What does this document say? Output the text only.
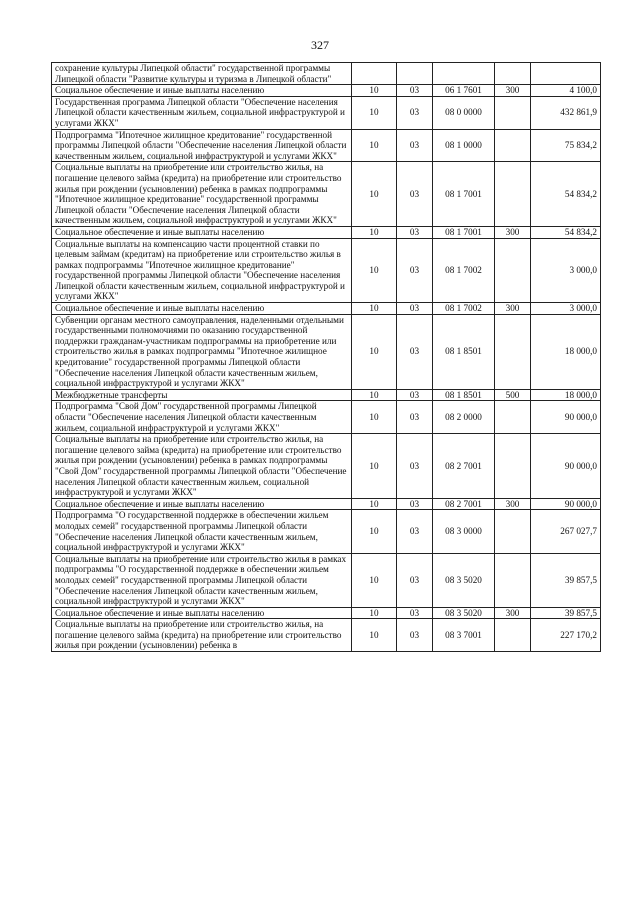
327
сохранение культуры Липецкой области" государственной программы Липецкой области "Развитие культуры и туризма в Липецкой области"					
Социальное обеспечение и иные выплаты населению	10	03	06 1 7601	300	4 100,0
Государственная программа Липецкой области "Обеспечение населения Липецкой области качественным жильем, социальной инфраструктурой и услугами ЖКХ"	10	03	08 0 0000		432 861,9
Подпрограмма "Ипотечное жилищное кредитование" государственной программы Липецкой области "Обеспечение населения Липецкой области качественным жильем, социальной инфраструктурой и услугами ЖКХ"	10	03	08 1 0000		75 834,2
Социальные выплаты на приобретение или строительство жилья, на погашение целевого займа (кредита) на приобретение или строительство жилья при рождении (усыновлении) ребенка в рамках подпрограммы "Ипотечное жилищное кредитование" государственной программы Липецкой области "Обеспечение населения Липецкой области качественным жильем, социальной инфраструктурой и услугами ЖКХ"	10	03	08 1 7001		54 834,2
Социальное обеспечение и иные выплаты населению	10	03	08 1 7001	300	54 834,2
Социальные выплаты на компенсацию части процентной ставки по целевым займам (кредитам) на приобретение или строительство жилья в рамках подпрограммы "Ипотечное жилищное кредитование" государственной программы Липецкой области "Обеспечение населения Липецкой области качественным жильем, социальной инфраструктурой и услугами ЖКХ"	10	03	08 1 7002		3 000,0
Социальное обеспечение и иные выплаты населению	10	03	08 1 7002	300	3 000,0
Субвенции органам местного самоуправления, наделенными отдельными государственными полномочиями по оказанию государственной поддержки гражданам-участникам подпрограммы на приобретение или строительство жилья в рамках подпрограммы "Ипотечное жилищное кредитование" государственной программы Липецкой области "Обеспечение населения Липецкой области качественным жильем, социальной инфраструктурой и услугами ЖКХ"	10	03	08 1 8501		18 000,0
Межбюджетные трансферты	10	03	08 1 8501	500	18 000,0
Подпрограмма "Свой Дом" государственной программы Липецкой области "Обеспечение населения Липецкой области качественным жильем, социальной инфраструктурой и услугами ЖКХ"	10	03	08 2 0000		90 000,0
Социальные выплаты на приобретение или строительство жилья, на погашение целевого займа (кредита) на приобретение или строительство жилья при рождении (усыновлении) ребенка в рамках подпрограммы "Свой Дом" государственной программы Липецкой области "Обеспечение населения Липецкой области качественным жильем, социальной инфраструктурой и услугами ЖКХ"	10	03	08 2 7001		90 000,0
Социальное обеспечение и иные выплаты населению	10	03	08 2 7001	300	90 000,0
Подпрограмма "О государственной поддержке в обеспечении жильем молодых семей" государственной программы Липецкой области "Обеспечение населения Липецкой области качественным жильем, социальной инфраструктурой и услугами ЖКХ"	10	03	08 3 0000		267 027,7
Социальные выплаты на приобретение или строительство жилья в рамках подпрограммы "О государственной поддержке в обеспечении жильем молодых семей" государственной программы Липецкой области "Обеспечение населения Липецкой области качественным жильем, социальной инфраструктурой и услугами ЖКХ"	10	03	08 3 5020		39 857,5
Социальное обеспечение и иные выплаты населению	10	03	08 3 5020	300	39 857,5
Социальные выплаты на приобретение или строительство жилья, на погашение целевого займа (кредита) на приобретение или строительство жилья при рождении (усыновлении) ребенка в	10	03	08 3 7001		227 170,2
